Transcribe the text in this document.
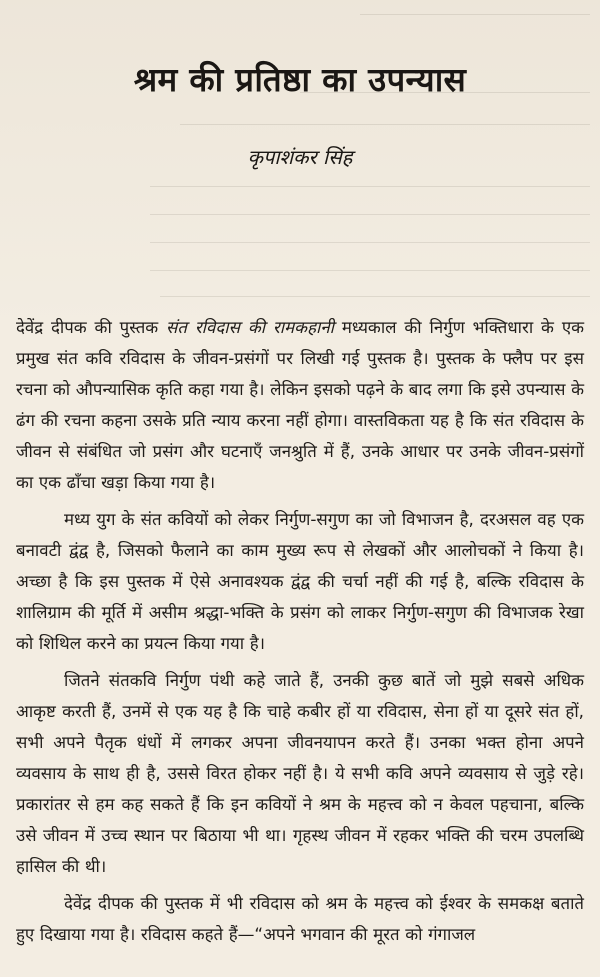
श्रम की प्रतिष्ठा का उपन्यास
कृपाशंकर सिंह

देवेंद्र दीपक की पुस्तक संत रविदास की रामकहानी मध्यकाल की निर्गुण भक्तिधारा के एक प्रमुख संत कवि रविदास के जीवन-प्रसंगों पर लिखी गई पुस्तक है। पुस्तक के फ्लैप पर इस रचना को औपन्यासिक कृति कहा गया है। लेकिन इसको पढ़ने के बाद लगा कि इसे उपन्यास के ढंग की रचना कहना उसके प्रति न्याय करना नहीं होगा। वास्तविकता यह है कि संत रविदास के जीवन से संबंधित जो प्रसंग और घटनाएँ जनश्रुति में हैं, उनके आधार पर उनके जीवन-प्रसंगों का एक ढाँचा खड़ा किया गया है।

मध्य युग के संत कवियों को लेकर निर्गुण-सगुण का जो विभाजन है, दरअसल वह एक बनावटी द्वंद्व है, जिसको फैलाने का काम मुख्य रूप से लेखकों और आलोचकों ने किया है। अच्छा है कि इस पुस्तक में ऐसे अनावश्यक द्वंद्व की चर्चा नहीं की गई है, बल्कि रविदास के शालिग्राम की मूर्ति में असीम श्रद्धा-भक्ति के प्रसंग को लाकर निर्गुण-सगुण की विभाजक रेखा को शिथिल करने का प्रयत्न किया गया है।

जितने संतकवि निर्गुण पंथी कहे जाते हैं, उनकी कुछ बातें जो मुझे सबसे अधिक आकृष्ट करती हैं, उनमें से एक यह है कि चाहे कबीर हों या रविदास, सेना हों या दूसरे संत हों, सभी अपने पैतृक धंधों में लगकर अपना जीवनयापन करते हैं। उनका भक्त होना अपने व्यवसाय के साथ ही है, उससे विरत होकर नहीं है। ये सभी कवि अपने व्यवसाय से जुड़े रहे। प्रकारांतर से हम कह सकते हैं कि इन कवियों ने श्रम के महत्त्व को न केवल पहचाना, बल्कि उसे जीवन में उच्च स्थान पर बिठाया भी था। गृहस्थ जीवन में रहकर भक्ति की चरम उपलब्धि हासिल की थी।

देवेंद्र दीपक की पुस्तक में भी रविदास को श्रम के महत्त्व को ईश्वर के समकक्ष बताते हुए दिखाया गया है। रविदास कहते हैं—“अपने भगवान की मूरत को गंगाजल
